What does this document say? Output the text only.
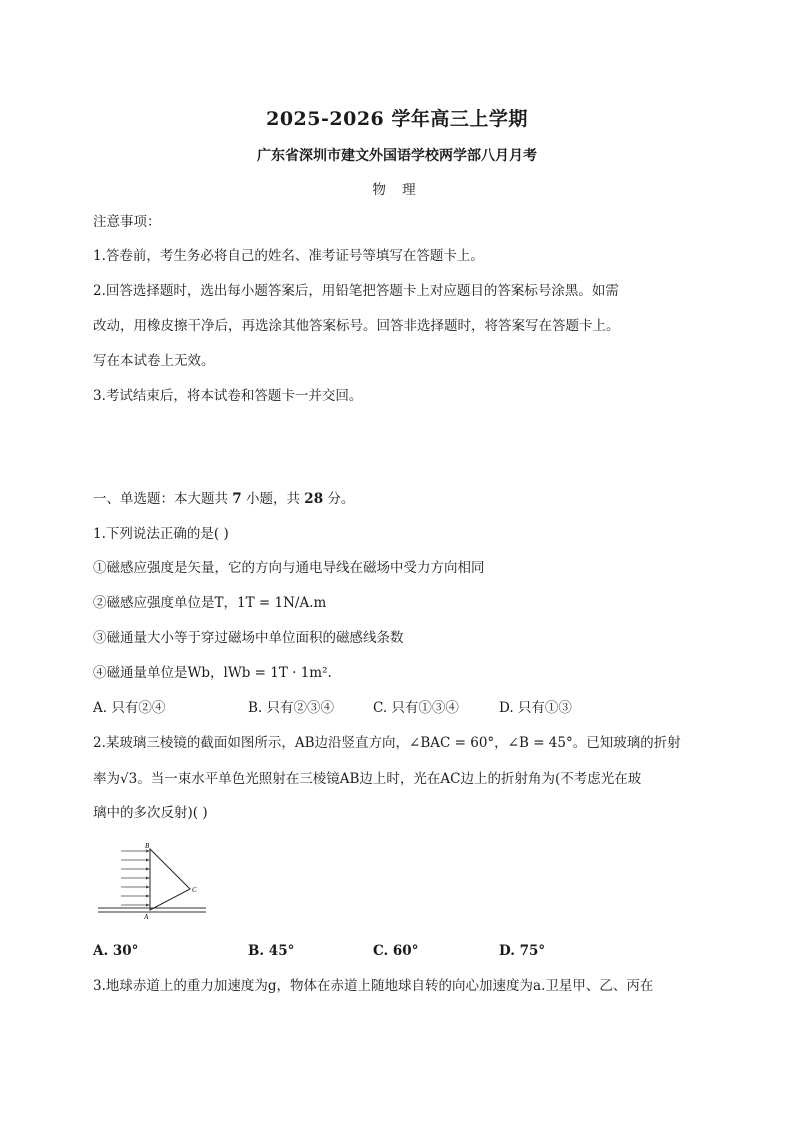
2025-2026 学年高三上学期
广东省深圳市建文外国语学校两学部八月月考
物 理
注意事项：
1.答卷前，考生务必将自己的姓名、准考证号等填写在答题卡上。
2.回答选择题时，选出每小题答案后，用铅笔把答题卡上对应题目的答案标号涂黑。如需
改动，用橡皮擦干净后，再选涂其他答案标号。回答非选择题时，将答案写在答题卡上。
写在本试卷上无效。
3.考试结束后，将本试卷和答题卡一并交回。
一、单选题：本大题共 7 小题，共 28 分。
1.下列说法正确的是( )
①磁感应强度是矢量，它的方向与通电导线在磁场中受力方向相同
②磁感应强度单位是T，1T = 1N/A.m
③磁通量大小等于穿过磁场中单位面积的磁感线条数
④磁通量单位是Wb，lWb = 1T · 1m².
A. 只有②④	B. 只有②③④	C. 只有①③④	D. 只有①③
2.某玻璃三棱镜的截面如图所示，AB边沿竖直方向，∠BAC = 60°，∠B = 45°。已知玻璃的折射
率为√3。当一束水平单色光照射在三棱镜AB边上时，光在AC边上的折射角为(不考虑光在玻
璃中的多次反射)( )
B
C
A
A. 30°	B. 45°	C. 60°	D. 75°
3.地球赤道上的重力加速度为g，物体在赤道上随地球自转的向心加速度为a.卫星甲、乙、丙在
